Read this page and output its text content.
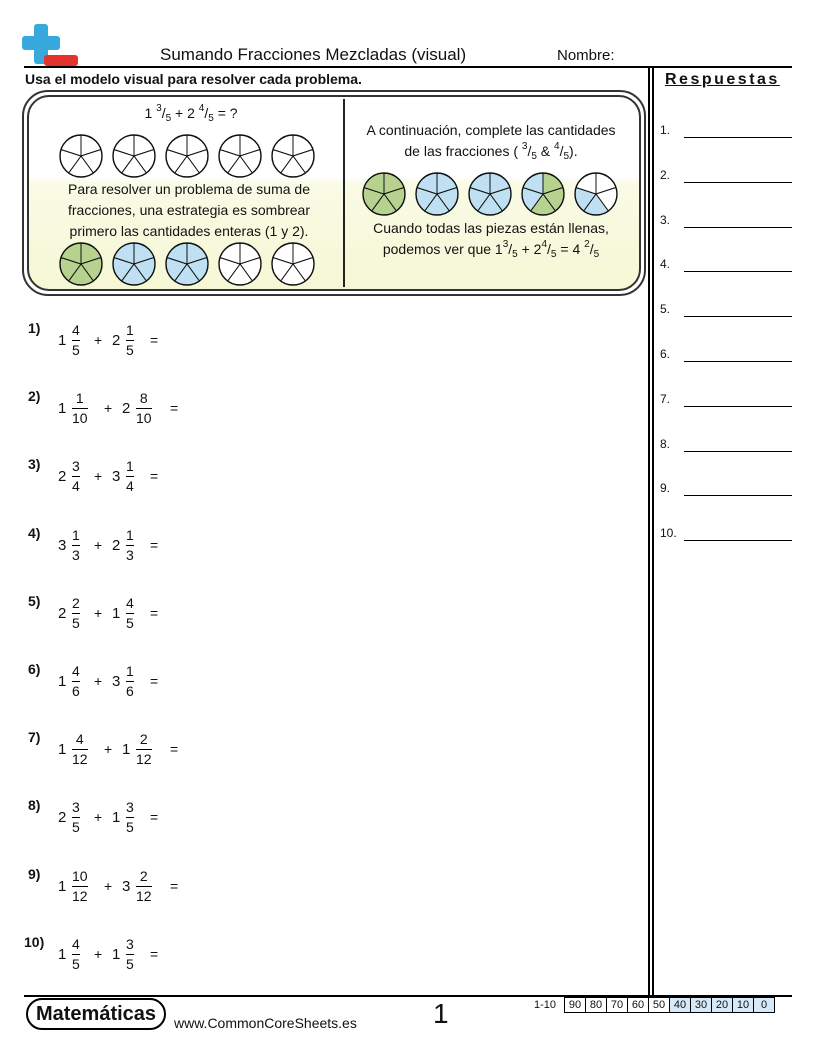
Sumando Fracciones Mezcladas (visual)	Nombre:
Usa el modelo visual para resolver cada problema.	Respuestas
1.
2.
3.
4.
5.
6.
7.
8.
9.
10.
1 $^3/_5 + 2$ $^4/_5$ = ?
Para resolver un problema de suma de
fracciones, una estrategia es sombrear
primero las cantidades enteras (1 y 2).
A continuación, complete las cantidades
de las fracciones ( $^3/_5$ & $^4/_5$).
Cuando todas las piezas están llenas,
podemos ver que $1^3/_5 + 2^4/_5 = 4$ $^2/_5$
1)
1
4
5
+ 2
1
5
=
2)
1
1
10
+ 2
8
10
=
3)
2
3
4
+ 3
1
4
=
4)
3
1
3
+ 2
1
3
=
5)
2
2
5
+ 1
4
5
=
6)
1
4
6
+ 3
1
6
=
7)
1
4
12
+ 1
2
12
=
8)
2
3
5
+ 1
3
5
=
9)
1
10
12
+ 3
2
12
=
10)
1
4
5
+ 1
3
5
=
Matemáticas	www.CommonCoreSheets.es	1	1-10	90 80 70 60 50 40 30 20 10	0
